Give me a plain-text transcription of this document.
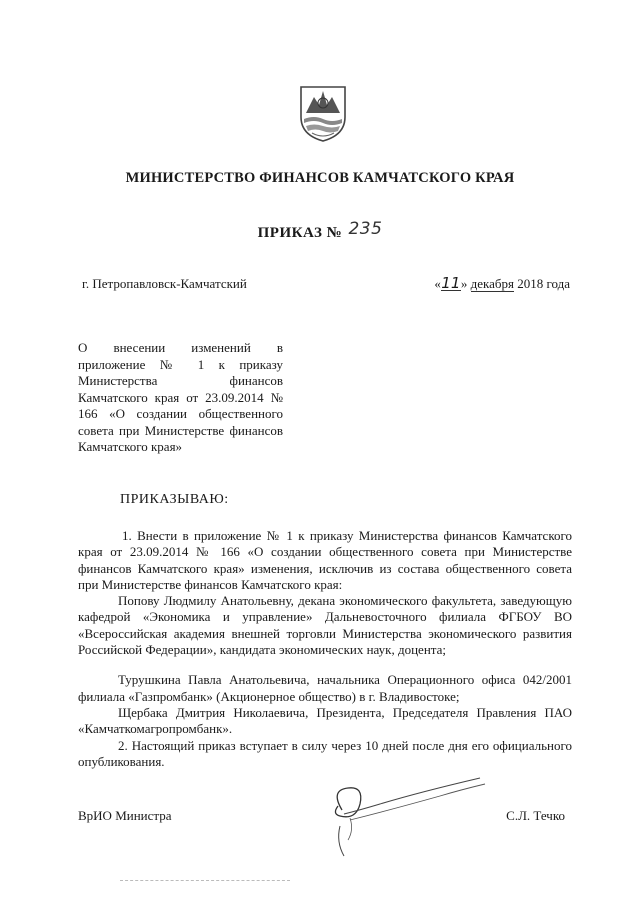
МИНИСТЕРСТВО ФИНАНСОВ КАМЧАТСКОГО КРАЯ
ПРИКАЗ № 235
г. Петропавловск-Камчатский	«11» декабря 2018 года
О внесении изменений в приложение № 1 к приказу Министерства финансов Камчатского края от 23.09.2014 № 166 «О создании общественного совета при Министерстве финансов Камчатского края»
ПРИКАЗЫВАЮ:

1. Внести в приложение № 1 к приказу Министерства финансов Камчатского края от 23.09.2014 № 166 «О создании общественного совета при Министерстве финансов Камчатского края» изменения, исключив из состава общественного совета при Министерстве финансов Камчатского края:

Попову Людмилу Анатольевну, декана экономического факультета, заведующую кафедрой «Экономика и управление» Дальневосточного филиала ФГБОУ ВО «Всероссийская академия внешней торговли Министерства экономического развития Российской Федерации», кандидата экономических наук, доцента;

Турушкина Павла Анатольевича, начальника Операционного офиса 042/2001 филиала «Газпромбанк» (Акционерное общество) в г. Владивостоке;

Щербака Дмитрия Николаевича, Президента, Председателя Правления ПАО «Камчаткомагропромбанк».

2. Настоящий приказ вступает в силу через 10 дней после дня его официального опубликования.

ВрИО Министра	С.Л. Течко
